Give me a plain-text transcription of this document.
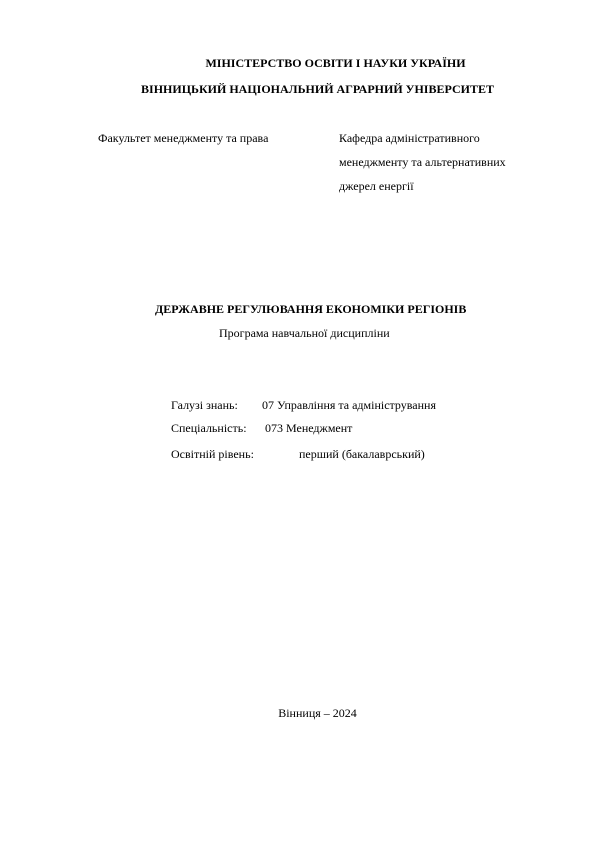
МІНІСТЕРСТВО ОСВІТИ І НАУКИ УКРАЇНИ
ВІННИЦЬКИЙ НАЦІОНАЛЬНИЙ АГРАРНИЙ УНІВЕРСИТЕТ
Факультет менеджменту та права	Кафедра адміністративного
менеджменту та альтернативних
джерел енергії
ДЕРЖАВНЕ РЕГУЛЮВАННЯ ЕКОНОМІКИ РЕГІОНІВ
Програма навчальної дисципліни
Галузі знань: 07 Управління та адміністрування
Спеціальність: 073 Менеджмент
Освітній рівень:	перший (бакалаврський)
Вінниця – 2024
